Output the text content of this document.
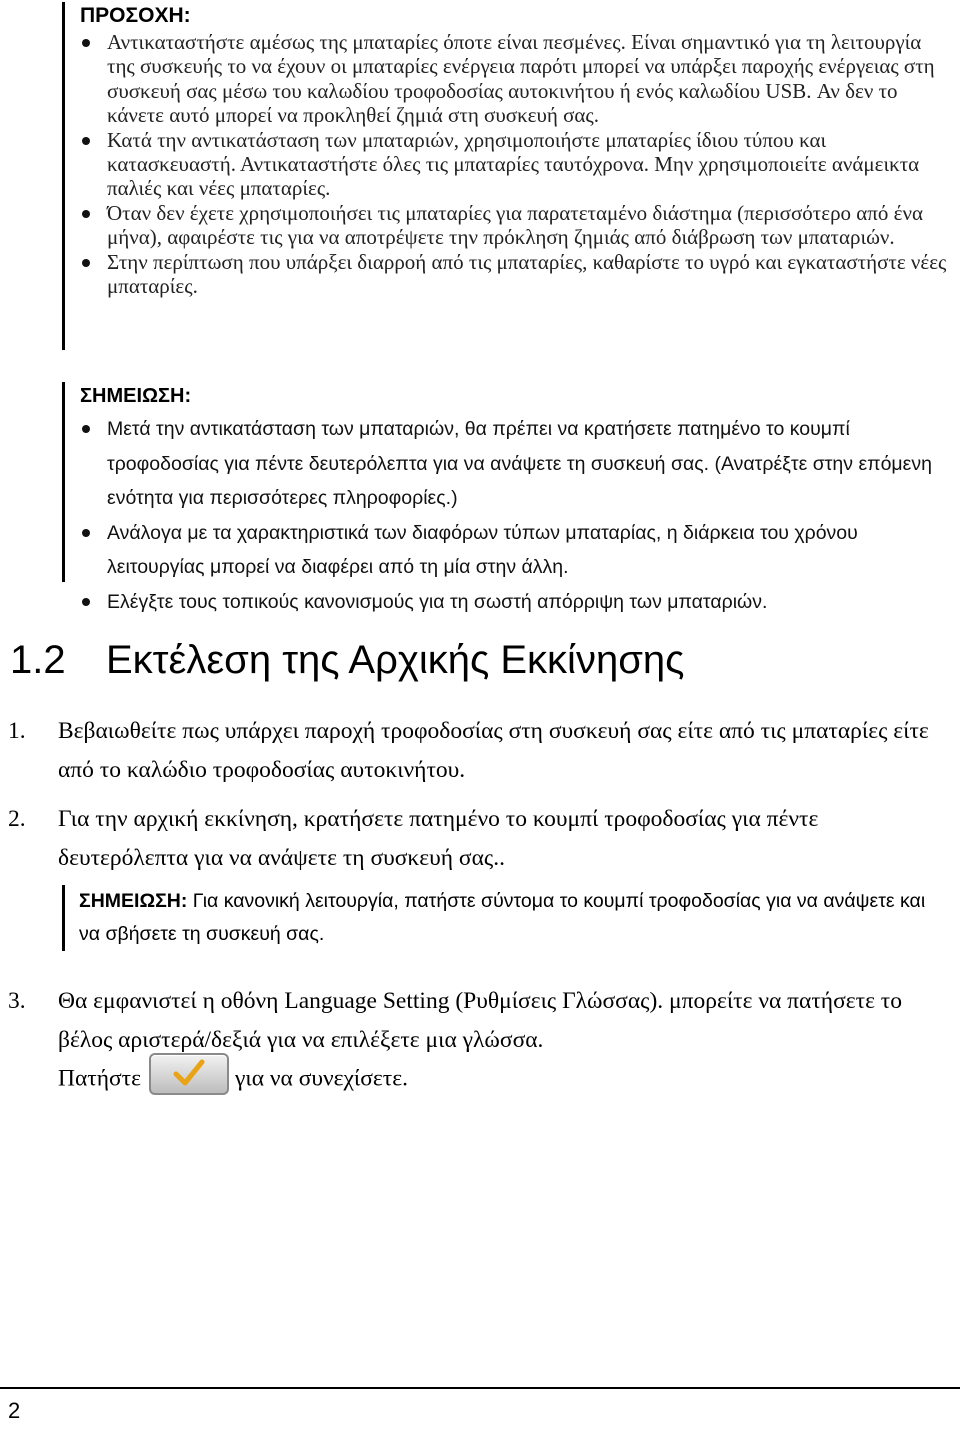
ΠΡΟΣΟΧΗ:
Αντικαταστήστε αμέσως της μπαταρίες όποτε είναι πεσμένες. Είναι σημαντικό για τη λειτουργία της συσκευής το να έχουν οι μπαταρίες ενέργεια παρότι μπορεί να υπάρξει παροχής ενέργειας στη συσκευή σας μέσω του καλωδίου τροφοδοσίας αυτοκινήτου ή ενός καλωδίου USB. Αν δεν το κάνετε αυτό μπορεί να προκληθεί ζημιά στη συσκευή σας.
Κατά την αντικατάσταση των μπαταριών, χρησιμοποιήστε μπαταρίες ίδιου τύπου και κατασκευαστή. Αντικαταστήστε όλες τις μπαταρίες ταυτόχρονα. Μην χρησιμοποιείτε ανάμεικτα παλιές και νέες μπαταρίες.
Όταν δεν έχετε χρησιμοποιήσει τις μπαταρίες για παρατεταμένο διάστημα (περισσότερο από ένα μήνα), αφαιρέστε τις για να αποτρέψετε την πρόκληση ζημιάς από διάβρωση των μπαταριών.
Στην περίπτωση που υπάρξει διαρροή από τις μπαταρίες, καθαρίστε το υγρό και εγκαταστήστε νέες μπαταρίες.
ΣΗΜΕΙΩΣΗ:
Μετά την αντικατάσταση των μπαταριών, θα πρέπει να κρατήσετε πατημένο το κουμπί τροφοδοσίας για πέντε δευτερόλεπτα για να ανάψετε τη συσκευή σας. (Ανατρέξτε στην επόμενη ενότητα για περισσότερες πληροφορίες.)
Ανάλογα με τα χαρακτηριστικά των διαφόρων τύπων μπαταρίας, η διάρκεια του χρόνου λειτουργίας μπορεί να διαφέρει από τη μία στην άλλη.
Ελέγξτε τους τοπικούς κανονισμούς για τη σωστή απόρριψη των μπαταριών.
1.2 Εκτέλεση της Αρχικής Εκκίνησης
1. Βεβαιωθείτε πως υπάρχει παροχή τροφοδοσίας στη συσκευή σας είτε από τις μπαταρίες είτε από το καλώδιο τροφοδοσίας αυτοκινήτου.
2. Για την αρχική εκκίνηση, κρατήσετε πατημένο το κουμπί τροφοδοσίας για πέντε δευτερόλεπτα για να ανάψετε τη συσκευή σας..
3. Θα εμφανιστεί η οθόνη Language Setting (Ρυθμίσεις Γλώσσας). μπορείτε να πατήσετε το βέλος αριστερά/δεξιά για να επιλέξετε μια γλώσσα.
Πατήστε	για να συνεχίσετε.
ΣΗΜΕΙΩΣΗ: Για κανονική λειτουργία, πατήστε σύντομα το κουμπί τροφοδοσίας για να ανάψετε και να σβήσετε τη συσκευή σας.
2
